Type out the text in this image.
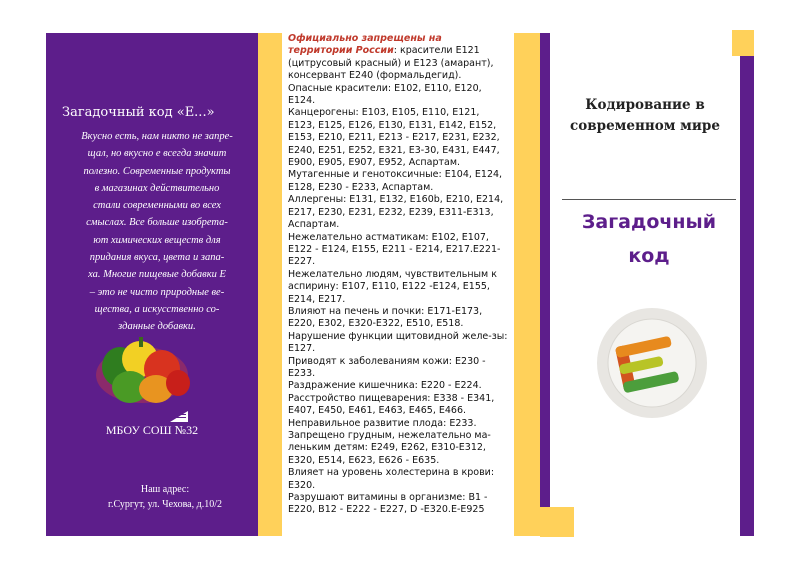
Загадочный код «Е...»
Вкусно есть, нам никто не запре-
щал, но вкусно е всегда значит
полезно. Современные продукты
в магазинах действительно
стали современными во всех
смыслах. Все больше изобрета-
ют химических веществ для
придания вкуса, цвета и запа-
ха. Многие пищевые добавки Е
– это не чисто природные ве-
щества, а искусственно со-
зданные добавки.
МБОУ СОШ №32
Наш адрес:
г.Сургут, ул. Чехова, д.10/2

Официально запрещены на территории России: красители Е121 (цитрусовый красный) и Е123 (амарант), консервант Е240 (формальдегид).

Опасные красители: Е102, Е110, Е120, Е124.

Канцерогены: Е103, Е105, Е110, Е121, Е123, Е125, Е126, Е130, Е131, Е142, Е152, Е153, Е210, Е211, Е213 - Е217, Е231, Е232, Е240, Е251, Е252, Е321, Е3-30, Е431, Е447, Е900, Е905, Е907, Е952, Аспартам.

Мутагенные и генотоксичные: Е104, Е124, Е128, Е230 - Е233, Аспартам.

Аллергены: Е131, Е132, Е160b, Е210, Е214, Е217, Е230, Е231, Е232, Е239, Е311-Е313, Аспартам.

Нежелательно астматикам: Е102, Е107, Е122 - Е124, Е155, Е211 - Е214, Е217.Е221-Е227.

Нежелательно людям, чувствительным к аспирину: Е107, Е110, Е122 -Е124, Е155, Е214, Е217.

Влияют на печень и почки: Е171-Е173, Е220, Е302, Е320-Е322, Е510, Е518.

Нарушение функции щитовидной желе-зы: Е127.

Приводят к заболеваниям кожи: Е230 - Е233.

Раздражение кишечника: Е220 - Е224.

Расстройство пищеварения: Е338 - Е341, Е407, Е450, Е461, Е463, Е465, Е466.

Неправильное развитие плода: Е233.

Запрещено грудным, нежелательно ма-леньким детям: Е249, Е262, Е310-Е312, Е320, Е514, Е623, Е626 - Е635.

Влияет на уровень холестерина в крови: Е320.

Разрушают витамины в организме: В1 - Е220, В12 - Е222 - Е227, D -Е320.Е-Е925

Кодирование в современном мире
Загадочный код
